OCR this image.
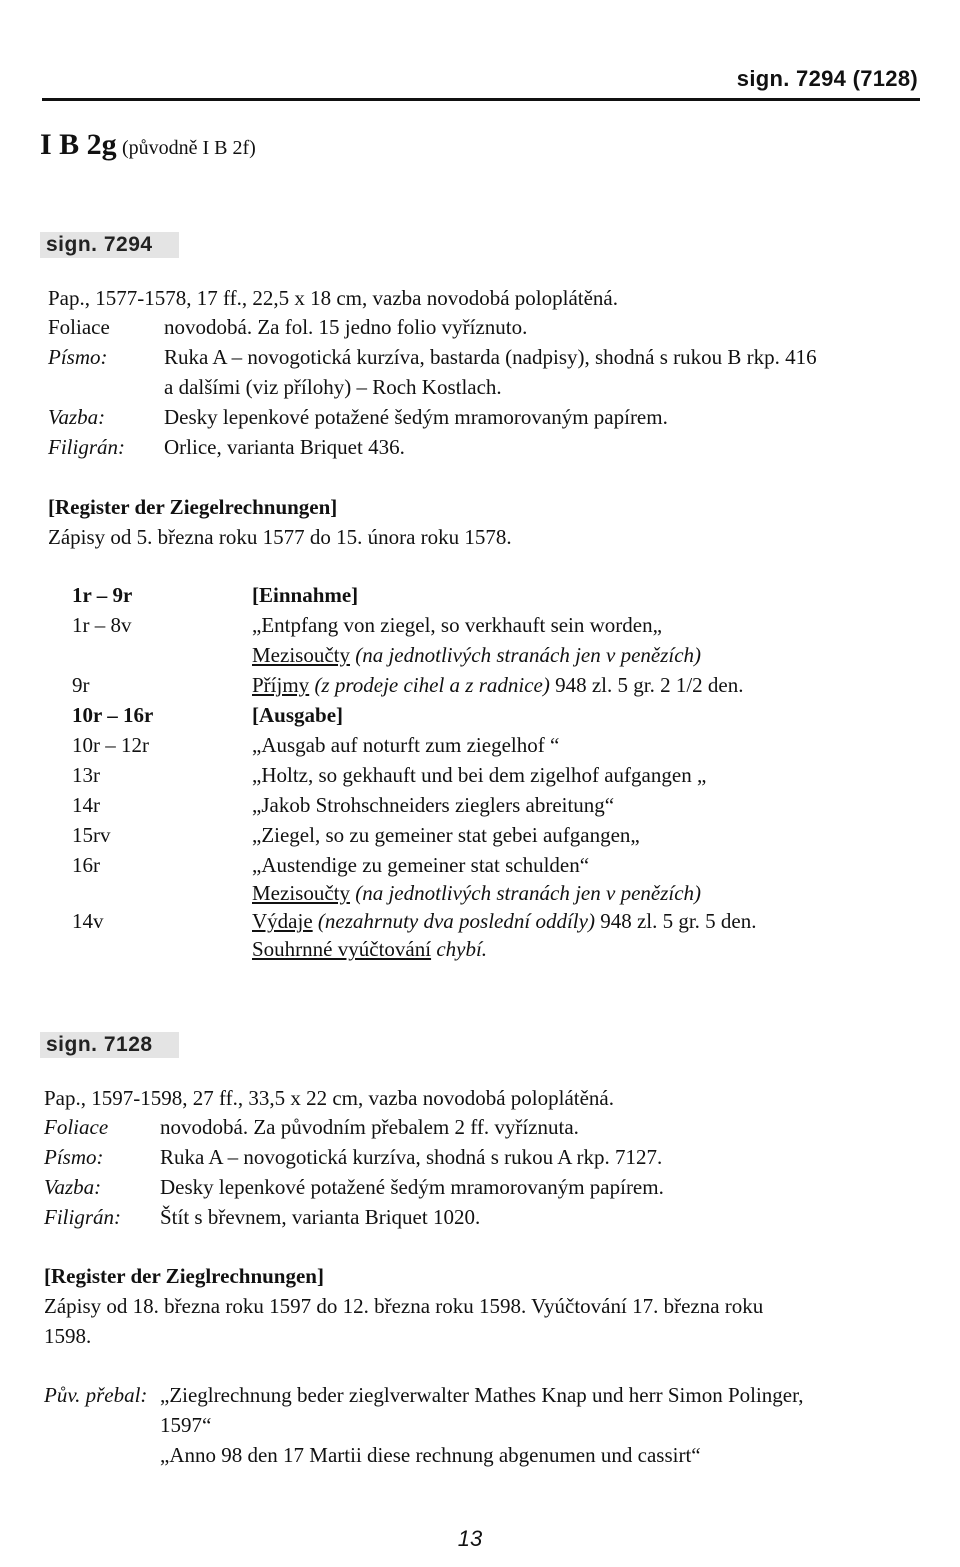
sign. 7294 (7128)
I B 2g (původně I B 2f)
sign. 7294
Pap., 1577-1578, 17 ff., 22,5 x 18 cm, vazba novodobá poloplátěná.
Foliace	novodobá. Za fol. 15 jedno folio vyříznuto.
Písmo:	Ruka A – novogotická kurzíva, bastarda (nadpisy), shodná s rukou B rkp. 416
a dalšími (viz přílohy) – Roch Kostlach.
Vazba:	Desky lepenkové potažené šedým mramorovaným papírem.
Filigrán: Orlice, varianta Briquet 436.
[Register der Ziegelrechnungen]
Zápisy od 5. března roku 1577 do 15. února roku 1578.
1r – 9r	[Einnahme]
1r – 8v	„Entpfang von ziegel, so verkhauft sein worden„
Mezisoučty (na jednotlivých stranách jen v penězích)
9r	Příjmy (z prodeje cihel a z radnice) 948 zl. 5 gr. 2 1/2 den.
10r – 16r	[Ausgabe]
10r – 12r	„Ausgab auf noturft zum ziegelhof “
13r	„Holtz, so gekhauft und bei dem zigelhof aufgangen „
14r	„Jakob Strohschneiders zieglers abreitung“
15rv	„Ziegel, so zu gemeiner stat gebei aufgangen„
16r	„Austendige zu gemeiner stat schulden“
Mezisoučty (na jednotlivých stranách jen v penězích)
14v	Výdaje (nezahrnuty dva poslední oddíly) 948 zl. 5 gr. 5 den.
Souhrnné vyúčtování chybí.
sign. 7128
Pap., 1597-1598, 27 ff., 33,5 x 22 cm, vazba novodobá poloplátěná.
Foliace novodobá. Za původním přebalem 2 ff. vyříznuta.
Písmo:	Ruka A – novogotická kurzíva, shodná s rukou A rkp. 7127.
Vazba:	Desky lepenkové potažené šedým mramorovaným papírem.
Filigrán: Štít s břevnem, varianta Briquet 1020.
[Register der Zieglrechnungen]
Zápisy od 18. března roku 1597 do 12. března roku 1598. Vyúčtování 17. března roku
1598.
Pův. přebal: „Zieglrechnung beder zieglverwalter Mathes Knap und herr Simon Polinger,
1597“
„Anno 98 den 17 Martii diese rechnung abgenumen und cassirt“
13
